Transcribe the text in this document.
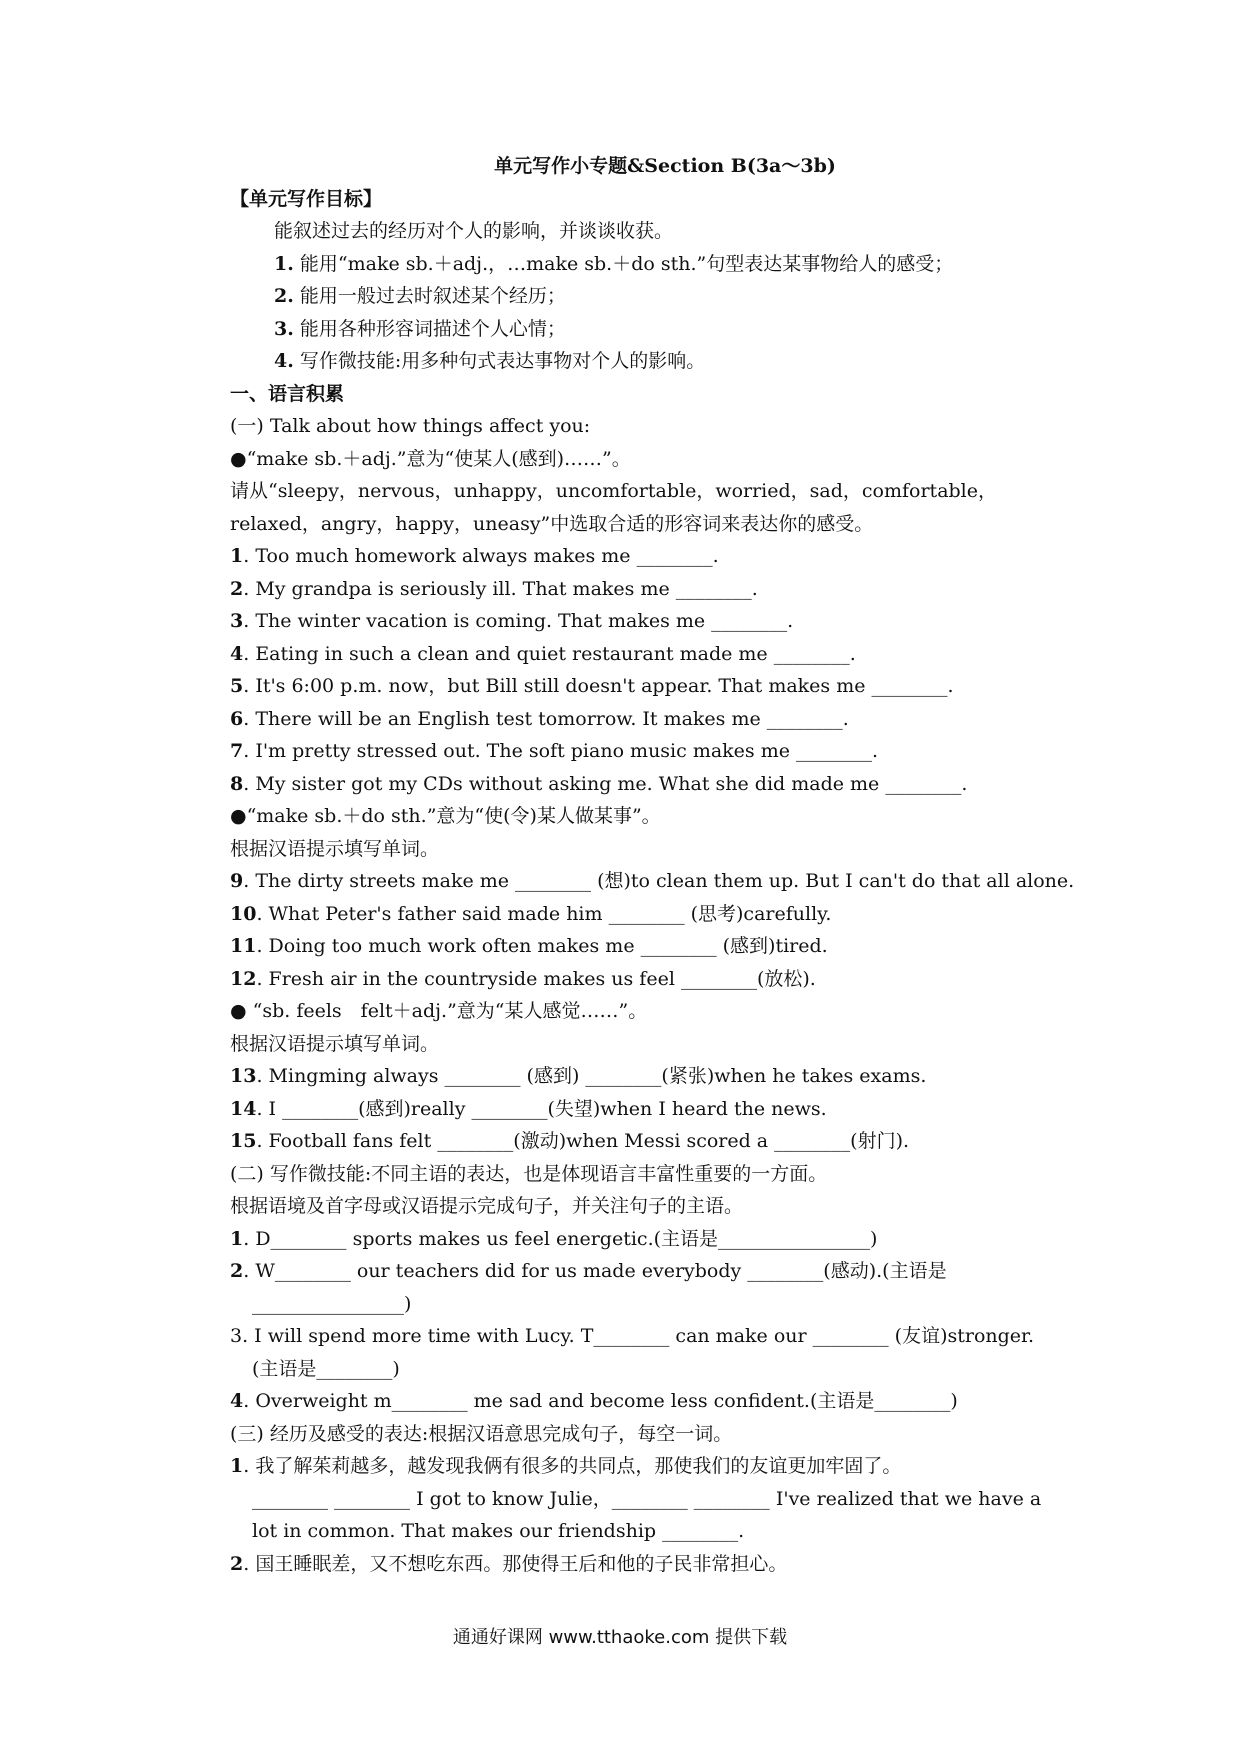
单元写作小专题&Section B(3a～3b)
【单元写作目标】
能叙述过去的经历对个人的影响，并谈谈收获。
1. 能用“make sb.＋adj.，…make sb.＋do sth.”句型表达某事物给人的感受；
2. 能用一般过去时叙述某个经历；
3. 能用各种形容词描述个人心情；
4. 写作微技能:用多种句式表达事物对个人的影响。
一、语言积累
(一) Talk about how things affect you:
●“make sb.＋adj.”意为“使某人(感到)……”。
请从“sleepy，nervous，unhappy，uncomfortable，worried，sad，comfortable，relaxed，angry，happy，uneasy”中选取合适的形容词来表达你的感受。
1. Too much homework always makes me ________.
2. My grandpa is seriously ill. That makes me ________.
3. The winter vacation is coming. That makes me ________.
4. Eating in such a clean and quiet restaurant made me ________.
5. It's 6:00 p.m. now，but Bill still doesn't appear. That makes me ________.
6. There will be an English test tomorrow. It makes me ________.
7. I'm pretty stressed out. The soft piano music makes me ________.
8. My sister got my CDs without asking me. What she did made me ________.
●“make sb.＋do sth.”意为“使(令)某人做某事”。
根据汉语提示填写单词。
9. The dirty streets make me ________ (想)to clean them up. But I can't do that all alone.
10. What Peter's father said made him ________ (思考)carefully.
11. Doing too much work often makes me ________ (感到)tired.
12. Fresh air in the countryside makes us feel ________(放松).
● “sb. feels　felt＋adj.”意为“某人感觉……”。
根据汉语提示填写单词。
13. Mingming always ________ (感到) ________(紧张)when he takes exams.
14. I ________(感到)really ________(失望)when I heard the news.
15. Football fans felt ________(激动)when Messi scored a ________(射门).
(二) 写作微技能:不同主语的表达，也是体现语言丰富性重要的一方面。
根据语境及首字母或汉语提示完成句子，并关注句子的主语。
1. D________ sports makes us feel energetic.(主语是________________)
2. W________ our teachers did for us made everybody ________(感动).(主语是________________)
3. I will spend more time with Lucy. T________ can make our ________ (友谊)stronger.(主语是________)
4. Overweight m________ me sad and become less confident.(主语是________)
(三) 经历及感受的表达:根据汉语意思完成句子，每空一词。
1. 我了解茱莉越多，越发现我俩有很多的共同点，那使我们的友谊更加牢固了。
________ ________ I got to know Julie，________ ________ I've realized that we have a lot in common. That makes our friendship ________.
2. 国王睡眠差，又不想吃东西。那使得王后和他的子民非常担心。
通通好课网 www.tthaoke.com 提供下载
